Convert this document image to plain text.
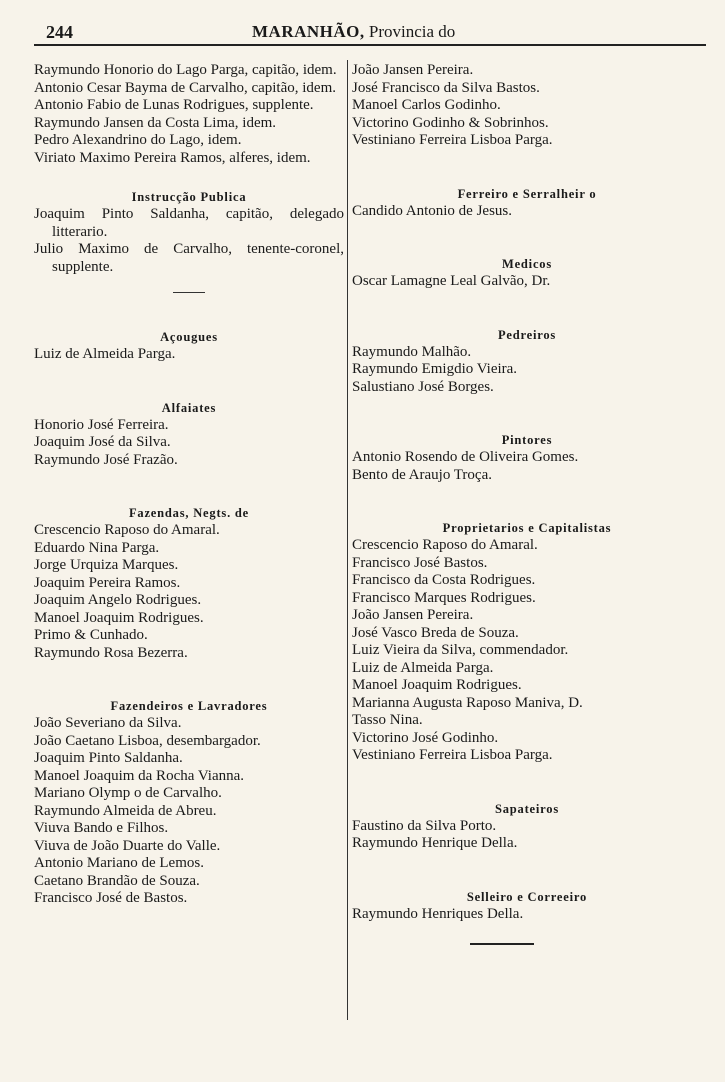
244	MARANHÃO, Provincia do
Raymundo Honorio do Lago Parga, capitão, idem.
Antonio Cesar Bayma de Carvalho, capitão, idem.
Antonio Fabio de Lunas Rodrigues, supplente.
Raymundo Jansen da Costa Lima, idem.
Pedro Alexandrino do Lago, idem.
Viriato Maximo Pereira Ramos, alferes, idem.
Instrucção Publica
Joaquim Pinto Saldanha, capitão, delegado litterario.
Julio Maximo de Carvalho, tenente-coronel, supplente.
Açougues
Luiz de Almeida Parga.
Alfaiates
Honorio José Ferreira.
Joaquim José da Silva.
Raymundo José Frazão.
Fazendas, Negts. de
Crescencio Raposo do Amaral.
Eduardo Nina Parga.
Jorge Urquiza Marques.
Joaquim Pereira Ramos.
Joaquim Angelo Rodrigues.
Manoel Joaquim Rodrigues.
Primo & Cunhado.
Raymundo Rosa Bezerra.
Fazendeiros e Lavradores
João Severiano da Silva.
João Caetano Lisboa, desembargador.
Joaquim Pinto Saldanha.
Manoel Joaquim da Rocha Vianna.
Mariano Olymp o de Carvalho.
Raymundo Almeida de Abreu.
Viuva Bando e Filhos.
Viuva de João Duarte do Valle.
Antonio Mariano de Lemos.
Caetano Brandão de Souza.
Francisco José de Bastos.
João Jansen Pereira.
José Francisco da Silva Bastos.
Manoel Carlos Godinho.
Victorino Godinho & Sobrinhos.
Vestiniano Ferreira Lisboa Parga.
Ferreiro e Serralheir o
Candido Antonio de Jesus.
Medicos
Oscar Lamagne Leal Galvão, Dr.
Pedreiros
Raymundo Malhão.
Raymundo Emigdio Vieira.
Salustiano José Borges.
Pintores
Antonio Rosendo de Oliveira Gomes.
Bento de Araujo Troça.
Proprietarios e Capitalistas
Crescencio Raposo do Amaral.
Francisco José Bastos.
Francisco da Costa Rodrigues.
Francisco Marques Rodrigues.
João Jansen Pereira.
José Vasco Breda de Souza.
Luiz Vieira da Silva, commendador.
Luiz de Almeida Parga.
Manoel Joaquim Rodrigues.
Marianna Augusta Raposo Maniva, D.
Tasso Nina.
Victorino José Godinho.
Vestiniano Ferreira Lisboa Parga.
Sapateiros
Faustino da Silva Porto.
Raymundo Henrique Della.
Selleiro e Correeiro
Raymundo Henriques Della.
